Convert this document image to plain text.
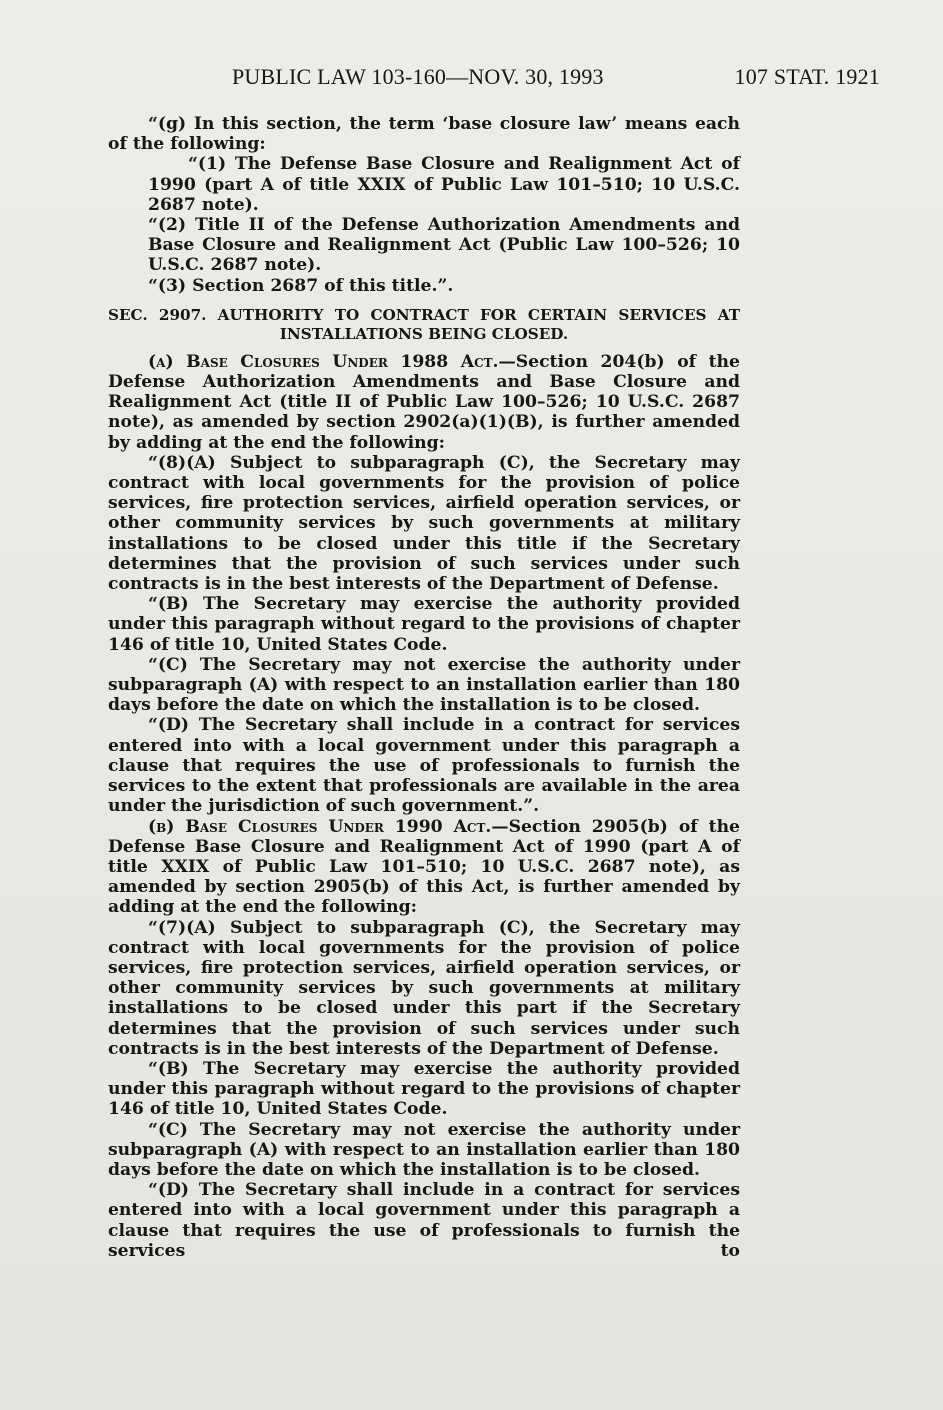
PUBLIC LAW 103-160—NOV. 30, 1993	107 STAT. 1921

“(g) In this section, the term ‘base closure law’ means each of the following:

“(1) The Defense Base Closure and Realignment Act of 1990 (part A of title XXIX of Public Law 101–510; 10 U.S.C. 2687 note).

“(2) Title II of the Defense Authorization Amendments and Base Closure and Realignment Act (Public Law 100–526; 10 U.S.C. 2687 note).

“(3) Section 2687 of this title.”.

SEC. 2907. AUTHORITY TO CONTRACT FOR CERTAIN SERVICES AT INSTALLATIONS BEING CLOSED.

(a) Base Closures Under 1988 Act.—Section 204(b) of the Defense Authorization Amendments and Base Closure and Realignment Act (title II of Public Law 100–526; 10 U.S.C. 2687 note), as amended by section 2902(a)(1)(B), is further amended by adding at the end the following:

“(8)(A) Subject to subparagraph (C), the Secretary may contract with local governments for the provision of police services, fire protection services, airfield operation services, or other community services by such governments at military installations to be closed under this title if the Secretary determines that the provision of such services under such contracts is in the best interests of the Department of Defense.

“(B) The Secretary may exercise the authority provided under this paragraph without regard to the provisions of chapter 146 of title 10, United States Code.

“(C) The Secretary may not exercise the authority under subparagraph (A) with respect to an installation earlier than 180 days before the date on which the installation is to be closed.

“(D) The Secretary shall include in a contract for services entered into with a local government under this paragraph a clause that requires the use of professionals to furnish the services to the extent that professionals are available in the area under the jurisdiction of such government.”.

(b) Base Closures Under 1990 Act.—Section 2905(b) of the Defense Base Closure and Realignment Act of 1990 (part A of title XXIX of Public Law 101–510; 10 U.S.C. 2687 note), as amended by section 2905(b) of this Act, is further amended by adding at the end the following:

“(7)(A) Subject to subparagraph (C), the Secretary may contract with local governments for the provision of police services, fire protection services, airfield operation services, or other community services by such governments at military installations to be closed under this part if the Secretary determines that the provision of such services under such contracts is in the best interests of the Department of Defense.

“(B) The Secretary may exercise the authority provided under this paragraph without regard to the provisions of chapter 146 of title 10, United States Code.

“(C) The Secretary may not exercise the authority under subparagraph (A) with respect to an installation earlier than 180 days before the date on which the installation is to be closed.

“(D) The Secretary shall include in a contract for services entered into with a local government under this paragraph a clause that requires the use of professionals to furnish the services to
